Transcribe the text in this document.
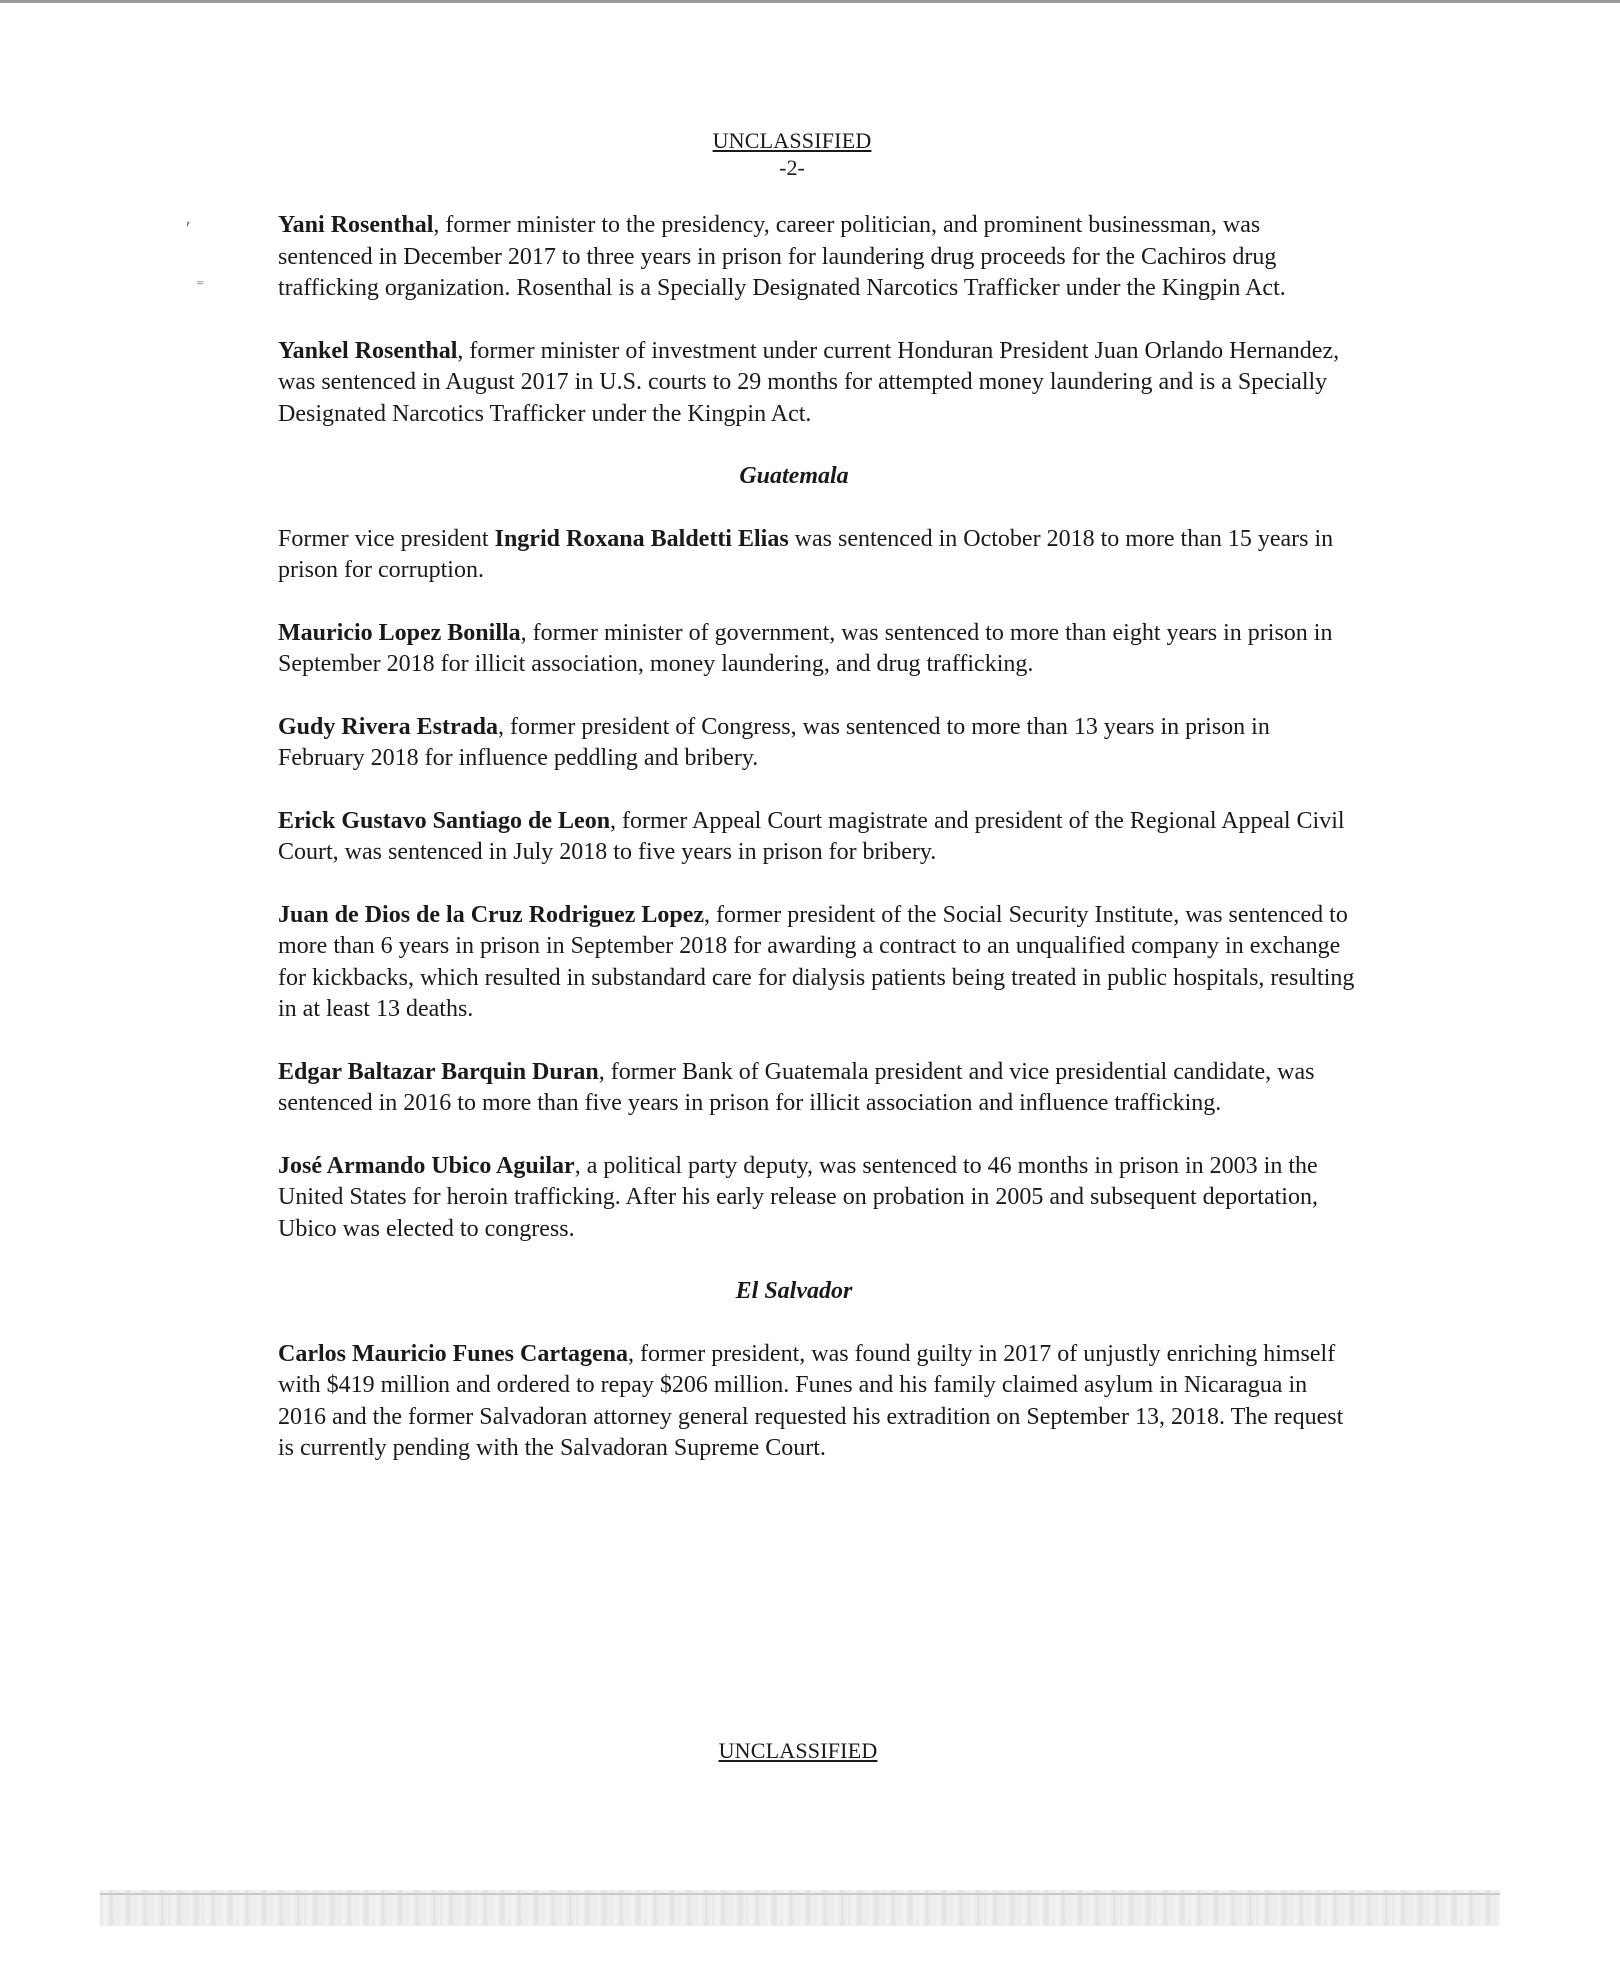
UNCLASSIFIED
-2-
ʹ
⁼

Yani Rosenthal, former minister to the presidency, career politician, and prominent businessman, was sentenced in December 2017 to three years in prison for laundering drug proceeds for the Cachiros drug trafficking organization. Rosenthal is a Specially Designated Narcotics Trafficker under the Kingpin Act.

Yankel Rosenthal, former minister of investment under current Honduran President Juan Orlando Hernandez, was sentenced in August 2017 in U.S. courts to 29 months for attempted money laundering and is a Specially Designated Narcotics Trafficker under the Kingpin Act.

Guatemala

Former vice president Ingrid Roxana Baldetti Elias was sentenced in October 2018 to more than 15 years in prison for corruption.

Mauricio Lopez Bonilla, former minister of government, was sentenced to more than eight years in prison in September 2018 for illicit association, money laundering, and drug trafficking.

Gudy Rivera Estrada, former president of Congress, was sentenced to more than 13 years in prison in February 2018 for influence peddling and bribery.

Erick Gustavo Santiago de Leon, former Appeal Court magistrate and president of the Regional Appeal Civil Court, was sentenced in July 2018 to five years in prison for bribery.

Juan de Dios de la Cruz Rodriguez Lopez, former president of the Social Security Institute, was sentenced to more than 6 years in prison in September 2018 for awarding a contract to an unqualified company in exchange for kickbacks, which resulted in substandard care for dialysis patients being treated in public hospitals, resulting in at least 13 deaths.

Edgar Baltazar Barquin Duran, former Bank of Guatemala president and vice presidential candidate, was sentenced in 2016 to more than five years in prison for illicit association and influence trafficking.

José Armando Ubico Aguilar, a political party deputy, was sentenced to 46 months in prison in 2003 in the United States for heroin trafficking. After his early release on probation in 2005 and subsequent deportation, Ubico was elected to congress.

El Salvador

Carlos Mauricio Funes Cartagena, former president, was found guilty in 2017 of unjustly enriching himself with $419 million and ordered to repay $206 million. Funes and his family claimed asylum in Nicaragua in 2016 and the former Salvadoran attorney general requested his extradition on September 13, 2018. The request is currently pending with the Salvadoran Supreme Court.

UNCLASSIFIED
